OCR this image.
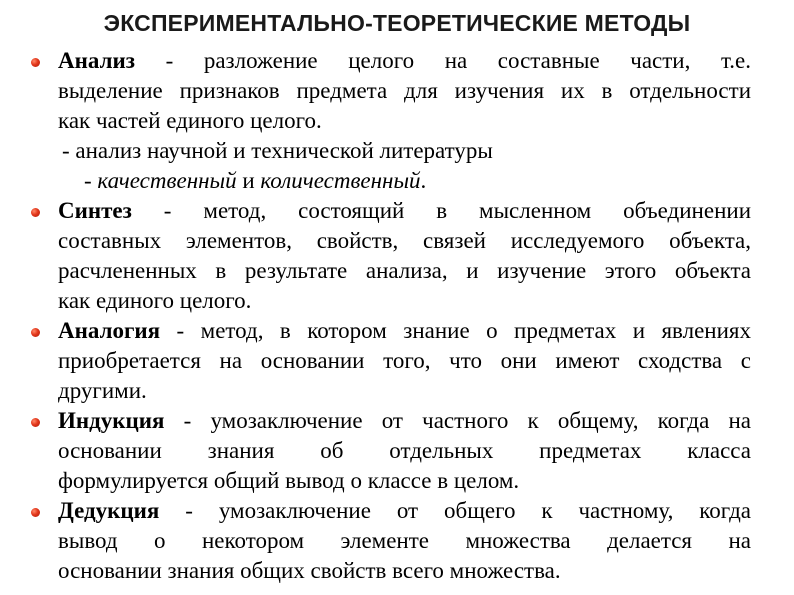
ЭКСПЕРИМЕНТАЛЬНО-ТЕОРЕТИЧЕСКИЕ МЕТОДЫ
Анализ - разложение целого на составные части, т.е.
выделение признаков предмета для изучения их в отдельности
как частей единого целого.
- анализ научной и технической литературы
- качественный и количественный.
Синтез - метод, состоящий в мысленном объединении
составных элементов, свойств, связей исследуемого объекта,
расчлененных в результате анализа, и изучение этого объекта
как единого целого.
Аналогия - метод, в котором знание о предметах и явлениях
приобретается на основании того, что они имеют сходства с
другими.
Индукция - умозаключение от частного к общему, когда на
основании знания об отдельных предметах класса
формулируется общий вывод о классе в целом.
Дедукция - умозаключение от общего к частному, когда
вывод о некотором элементе множества делается на
основании знания общих свойств всего множества.
